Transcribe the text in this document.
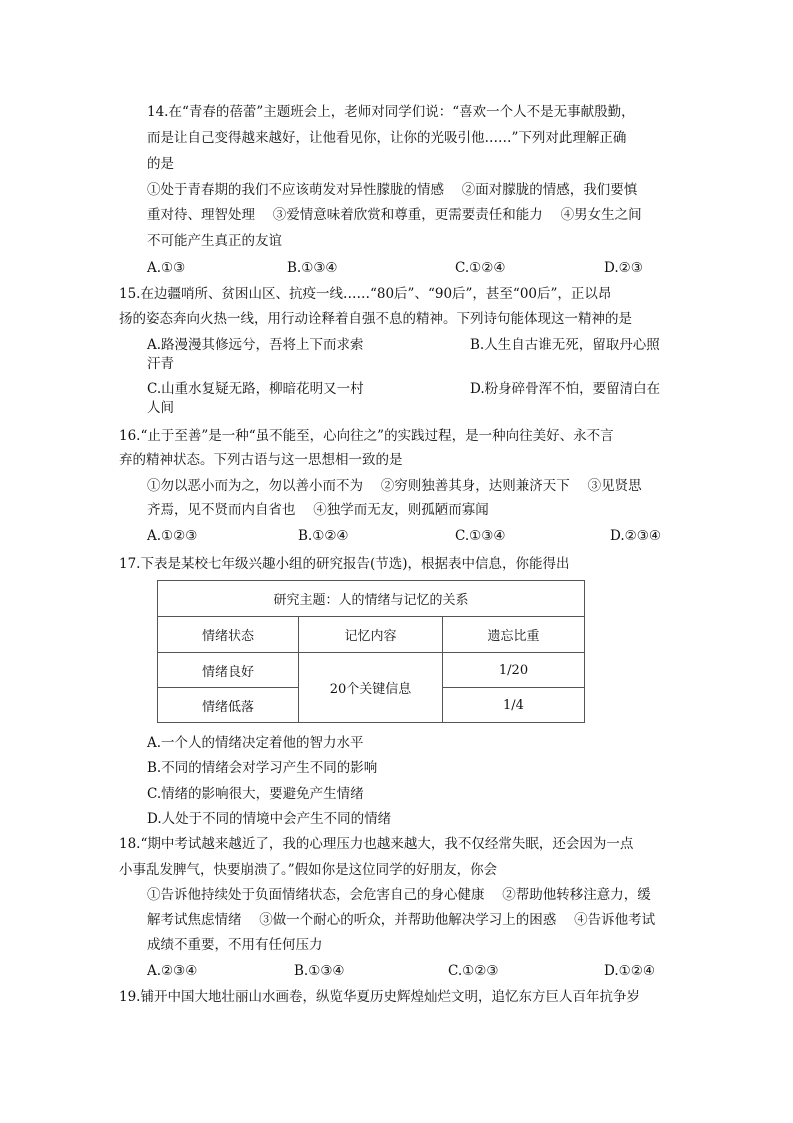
14.在“青春的蓓蕾”主题班会上，老师对同学们说：“喜欢一个人不是无事献殷勤，
而是让自己变得越来越好，让他看见你，让你的光吸引他……”下列对此理解正确
的是
①处于青春期的我们不应该萌发对异性朦胧的情感　 ②面对朦胧的情感，我们要慎
重对待、理智处理　 ③爱情意味着欣赏和尊重，更需要责任和能力　 ④男女生之间
不可能产生真正的友谊
A.①③	B.①③④	C.①②④	D.②③
15.在边疆哨所、贫困山区、抗疫一线……“80后”、“90后”，甚至“00后”，正以昂
扬的姿态奔向火热一线，用行动诠释着自强不息的精神。下列诗句能体现这一精神的是
A.路漫漫其修远兮，吾将上下而求索	B.人生自古谁无死，留取丹心照
汗青
C.山重水复疑无路，柳暗花明又一村	D.粉身碎骨浑不怕，要留清白在
人间
16.“止于至善”是一种“虽不能至，心向往之”的实践过程，是一种向往美好、永不言
弃的精神状态。下列古语与这一思想相一致的是
①勿以恶小而为之，勿以善小而不为　 ②穷则独善其身，达则兼济天下　 ③见贤思
齐焉，见不贤而内自省也　 ④独学而无友，则孤陋而寡闻
A.①②③	B.①②④	C.①③④	D.②③④
17.下表是某校七年级兴趣小组的研究报告(节选)，根据表中信息，你能得出
研究主题：人的情绪与记忆的关系		
情绪状态	记忆内容	遗忘比重
情绪良好	20个关键信息	1/20
情绪低落		1/4
A.一个人的情绪决定着他的智力水平
B.不同的情绪会对学习产生不同的影响
C.情绪的影响很大，要避免产生情绪
D.人处于不同的情境中会产生不同的情绪
18.“期中考试越来越近了，我的心理压力也越来越大，我不仅经常失眠，还会因为一点
小事乱发脾气，快要崩溃了。”假如你是这位同学的好朋友，你会
①告诉他持续处于负面情绪状态，会危害自己的身心健康　 ②帮助他转移注意力，缓
解考试焦虑情绪　 ③做一个耐心的听众，并帮助他解决学习上的困惑　 ④告诉他考试
成绩不重要，不用有任何压力
A.②③④	B.①③④	C.①②③	D.①②④
19.铺开中国大地壮丽山水画卷，纵览华夏历史辉煌灿烂文明，追忆东方巨人百年抗争岁
